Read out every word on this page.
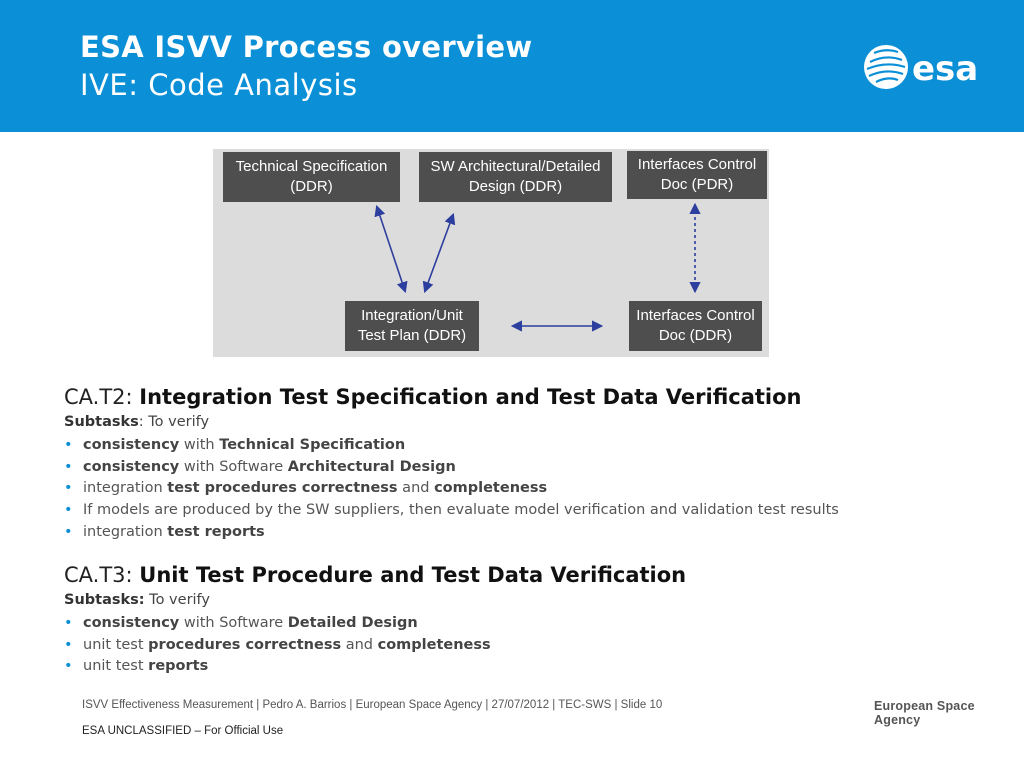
ESA ISVV Process overview
IVE: Code Analysis	esa
Technical Specification
(DDR)
SW Architectural/Detailed
Design (DDR)
Interfaces Control
Doc (PDR)
Integration/Unit
Test Plan (DDR)
Interfaces Control
Doc (DDR)
CA.T2: Integration Test Specification and Test Data Verification
Subtasks: To verify
• consistency with Technical Specification
• consistency with Software Architectural Design
• integration test procedures correctness and completeness
• If models are produced by the SW suppliers, then evaluate model verification and validation test results
• integration test reports
CA.T3: Unit Test Procedure and Test Data Verification
Subtasks: To verify
• consistency with Software Detailed Design
• unit test procedures correctness and completeness
• unit test reports
ISVV Effectiveness Measurement | Pedro A. Barrios | European Space Agency | 27/07/2012 | TEC-SWS | Slide 10	European Space Agency
ESA UNCLASSIFIED – For Official Use
